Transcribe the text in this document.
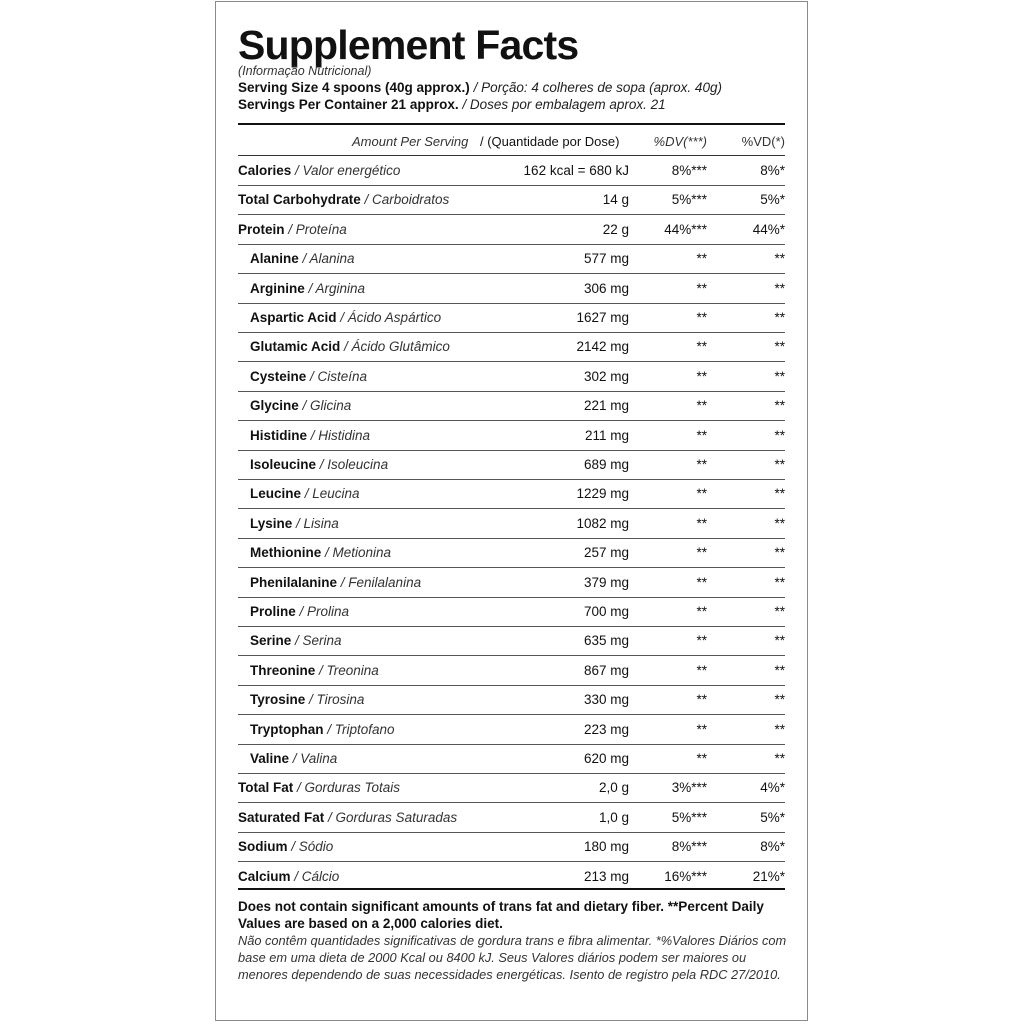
Supplement Facts
(Informação Nutricional)
Serving Size 4 spoons (40g approx.) / Porção: 4 colheres de sopa (aprox. 40g)
Servings Per Container 21 approx. / Doses por embalagem aprox. 21
Amount Per Serving / (Quantidade por Dose)	%DV(***)	%VD(*)
Calories / Valor energético	162 kcal = 680 kJ	8%***	8%*
Total Carbohydrate / Carboidratos	14 g	5%***	5%*
Protein / Proteína	22 g	44%***	44%*
Alanine / Alanina	577 mg	**	**
Arginine / Arginina	306 mg	**	**
Aspartic Acid / Ácido Aspártico	1627 mg	**	**
Glutamic Acid / Ácido Glutâmico	2142 mg	**	**
Cysteine / Cisteína	302 mg	**	**
Glycine / Glicina	221 mg	**	**
Histidine / Histidina	211 mg	**	**
Isoleucine / Isoleucina	689 mg	**	**
Leucine / Leucina	1229 mg	**	**
Lysine / Lisina	1082 mg	**	**
Methionine / Metionina	257 mg	**	**
Phenilalanine / Fenilalanina	379 mg	**	**
Proline / Prolina	700 mg	**	**
Serine / Serina	635 mg	**	**
Threonine / Treonina	867 mg	**	**
Tyrosine / Tirosina	330 mg	**	**
Tryptophan / Triptofano	223 mg	**	**
Valine / Valina	620 mg	**	**
Total Fat / Gorduras Totais	2,0 g	3%***	4%*
Saturated Fat / Gorduras Saturadas	1,0 g	5%***	5%*
Sodium / Sódio	180 mg	8%***	8%*
Calcium / Cálcio	213 mg	16%***	21%*
Does not contain significant amounts of trans fat and dietary fiber. **Percent Daily Values are based on a 2,000 calories diet.
Não contêm quantidades significativas de gordura trans e fibra alimentar. *%Valores Diários com base em uma dieta de 2000 Kcal ou 8400 kJ. Seus Valores diários podem ser maiores ou menores dependendo de suas necessidades energéticas. Isento de registro pela RDC 27/2010.
